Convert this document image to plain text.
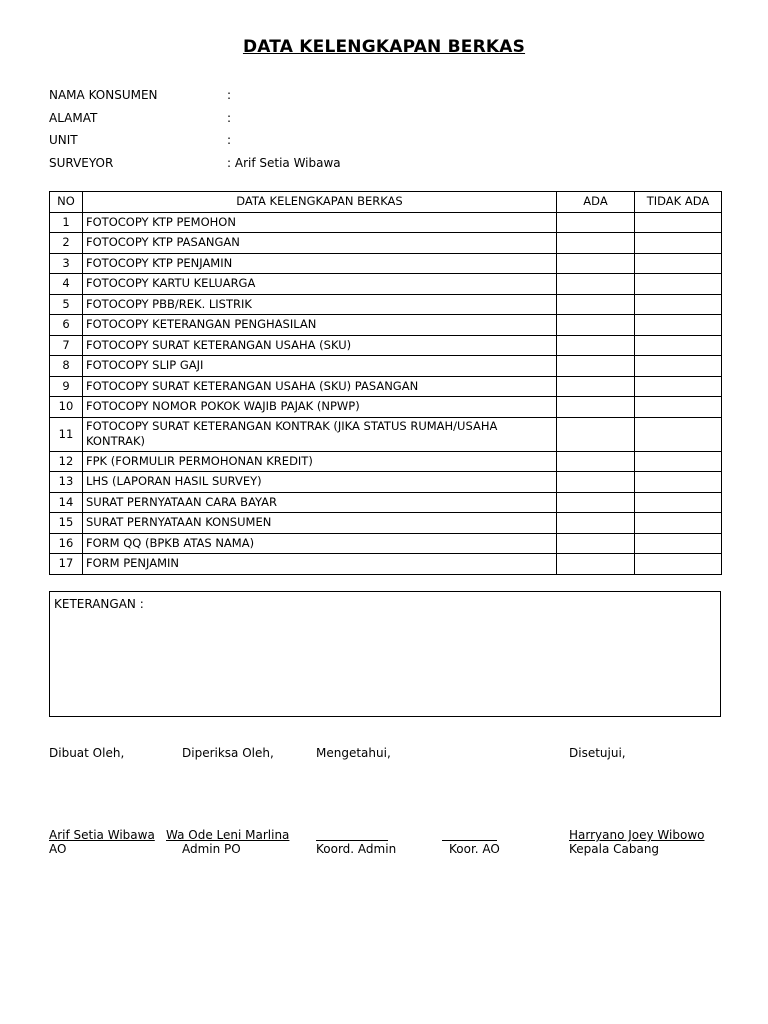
DATA KELENGKAPAN BERKAS
NAMA KONSUMEN	:
ALAMAT	:
UNIT	:
SURVEYOR	: Arif Setia Wibawa
NO	DATA KELENGKAPAN BERKAS	ADA	TIDAK ADA
1	FOTOCOPY KTP PEMOHON		
2	FOTOCOPY KTP PASANGAN		
3	FOTOCOPY KTP PENJAMIN		
4	FOTOCOPY KARTU KELUARGA		
5	FOTOCOPY PBB/REK. LISTRIK		
6	FOTOCOPY KETERANGAN PENGHASILAN		
7	FOTOCOPY SURAT KETERANGAN USAHA (SKU)		
8	FOTOCOPY SLIP GAJI		
9	FOTOCOPY SURAT KETERANGAN USAHA (SKU) PASANGAN		
10	FOTOCOPY NOMOR POKOK WAJIB PAJAK (NPWP)		
11	FOTOCOPY SURAT KETERANGAN KONTRAK (JIKA STATUS RUMAH/USAHA KONTRAK)		
12	FPK (FORMULIR PERMOHONAN KREDIT)		
13	LHS (LAPORAN HASIL SURVEY)		
14	SURAT PERNYATAAN CARA BAYAR		
15	SURAT PERNYATAAN KONSUMEN		
16	FORM QQ (BPKB ATAS NAMA)		
17	FORM PENJAMIN		
KETERANGAN :
Dibuat Oleh,	Diperiksa Oleh,	Mengetahui,	Disetujui,
Arif Setia Wibawa Wa Ode Leni Marlina	Harryano Joey Wibowo
AO	Admin PO	Koord. Admin	Koor. AO	Kepala Cabang
